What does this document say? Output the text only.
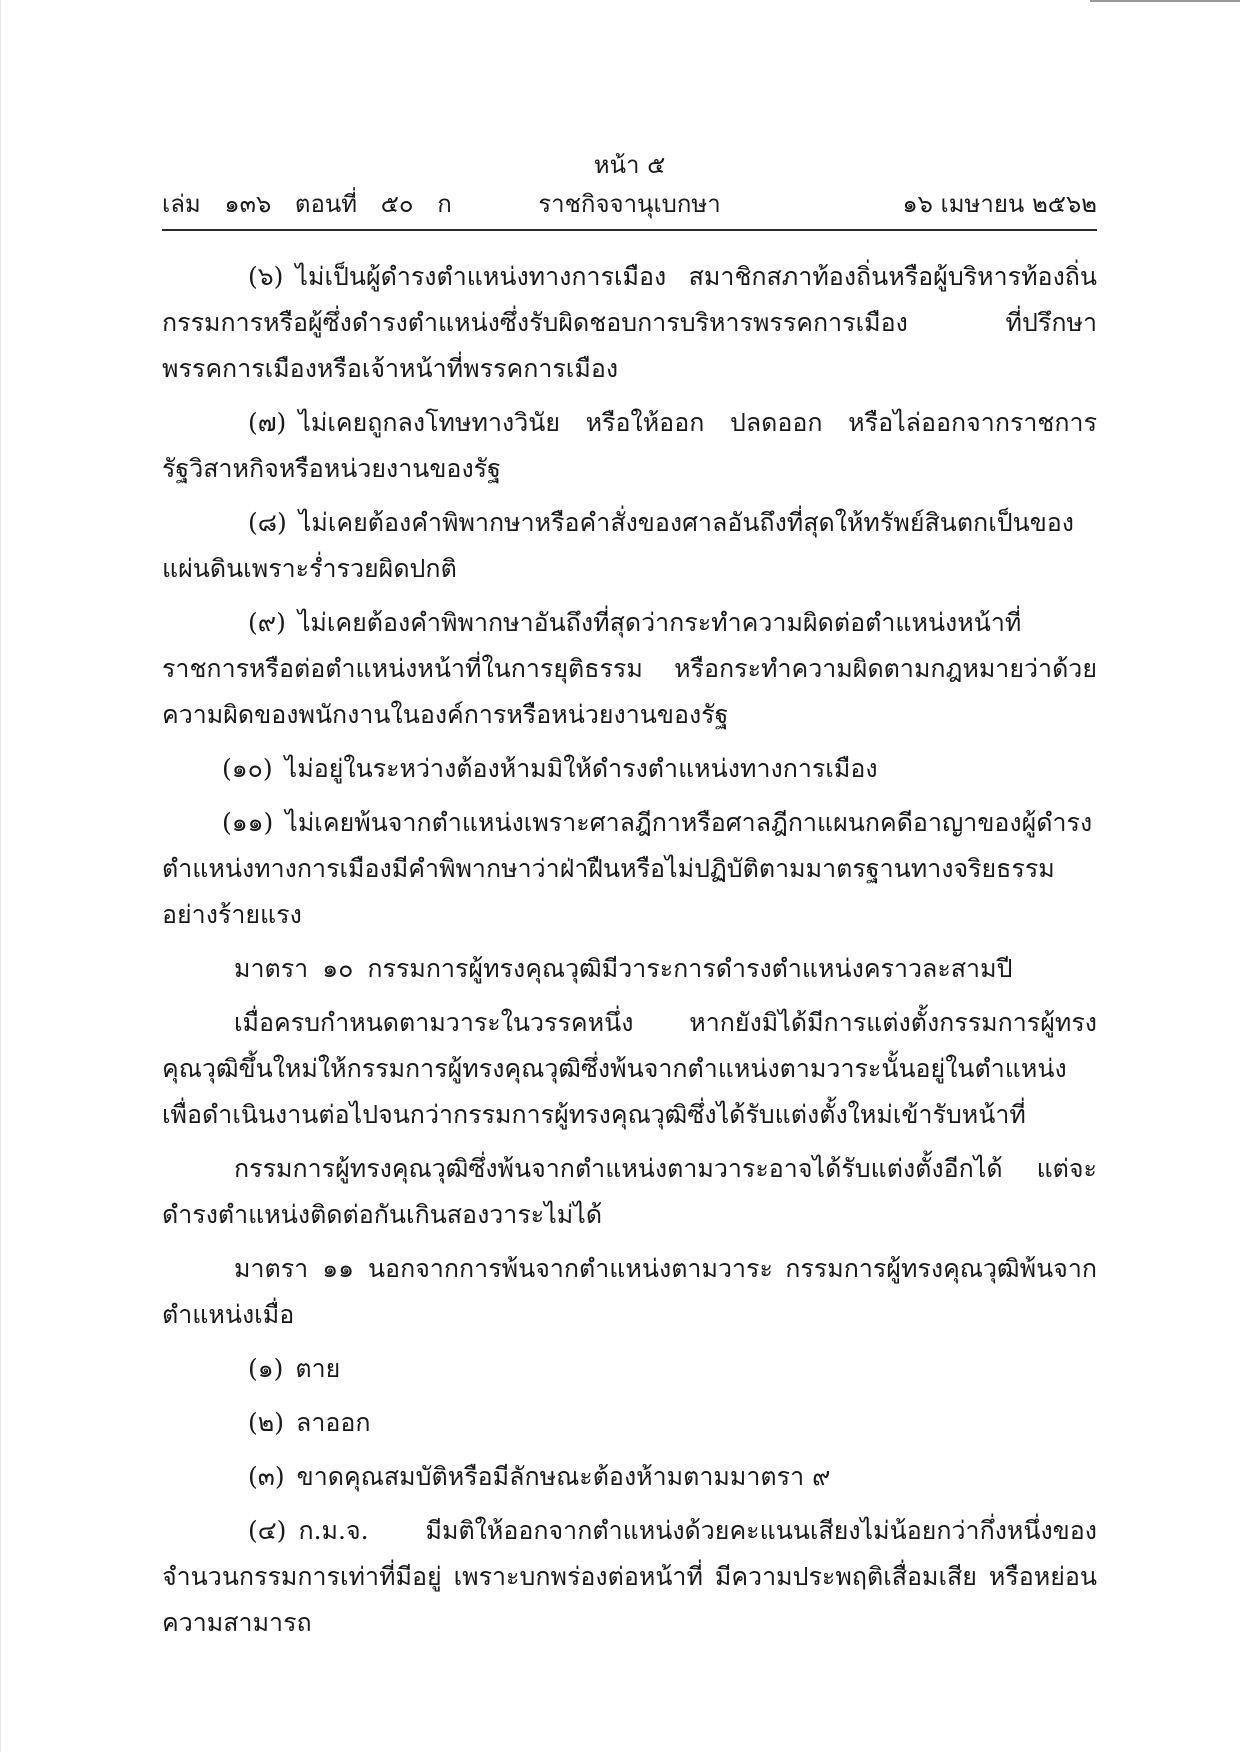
หน้า ๕
เล่ม ๑๓๖ ตอนที่ ๕๐ ก	ราชกิจจานุเบกษา	๑๖ เมษายน ๒๕๖๒

(๖) ไม่เป็นผู้ดำรงตำแหน่งทางการเมือง สมาชิกสภาท้องถิ่นหรือผู้บริหารท้องถิ่น กรรมการหรือผู้ซึ่งดำรงตำแหน่งซึ่งรับผิดชอบการบริหารพรรคการเมือง ที่ปรึกษาพรรคการเมืองหรือเจ้าหน้าที่พรรคการเมือง

(๗) ไม่เคยถูกลงโทษทางวินัย หรือให้ออก ปลดออก หรือไล่ออกจากราชการ รัฐวิสาหกิจหรือหน่วยงานของรัฐ

(๘) ไม่เคยต้องคำพิพากษาหรือคำสั่งของศาลอันถึงที่สุดให้ทรัพย์สินตกเป็นของแผ่นดินเพราะร่ำรวยผิดปกติ

(๙) ไม่เคยต้องคำพิพากษาอันถึงที่สุดว่ากระทำความผิดต่อตำแหน่งหน้าที่ราชการหรือต่อตำแหน่งหน้าที่ในการยุติธรรม หรือกระทำความผิดตามกฎหมายว่าด้วยความผิดของพนักงานในองค์การหรือหน่วยงานของรัฐ

(๑๐) ไม่อยู่ในระหว่างต้องห้ามมิให้ดำรงตำแหน่งทางการเมือง

(๑๑) ไม่เคยพ้นจากตำแหน่งเพราะศาลฎีกาหรือศาลฎีกาแผนกคดีอาญาของผู้ดำรงตำแหน่งทางการเมืองมีคำพิพากษาว่าฝ่าฝืนหรือไม่ปฏิบัติตามมาตรฐานทางจริยธรรมอย่างร้ายแรง

มาตรา ๑๐ กรรมการผู้ทรงคุณวุฒิมีวาระการดำรงตำแหน่งคราวละสามปี

เมื่อครบกำหนดตามวาระในวรรคหนึ่ง หากยังมิได้มีการแต่งตั้งกรรมการผู้ทรงคุณวุฒิขึ้นใหม่ให้กรรมการผู้ทรงคุณวุฒิซึ่งพ้นจากตำแหน่งตามวาระนั้นอยู่ในตำแหน่งเพื่อดำเนินงานต่อไปจนกว่ากรรมการผู้ทรงคุณวุฒิซึ่งได้รับแต่งตั้งใหม่เข้ารับหน้าที่

กรรมการผู้ทรงคุณวุฒิซึ่งพ้นจากตำแหน่งตามวาระอาจได้รับแต่งตั้งอีกได้ แต่จะดำรงตำแหน่งติดต่อกันเกินสองวาระไม่ได้

มาตรา ๑๑ นอกจากการพ้นจากตำแหน่งตามวาระ กรรมการผู้ทรงคุณวุฒิพ้นจากตำแหน่งเมื่อ

(๑) ตาย

(๒) ลาออก

(๓) ขาดคุณสมบัติหรือมีลักษณะต้องห้ามตามมาตรา ๙

(๔) ก.ม.จ. มีมติให้ออกจากตำแหน่งด้วยคะแนนเสียงไม่น้อยกว่ากึ่งหนึ่งของจำนวนกรรมการเท่าที่มีอยู่ เพราะบกพร่องต่อหน้าที่ มีความประพฤติเสื่อมเสีย หรือหย่อนความสามารถ
